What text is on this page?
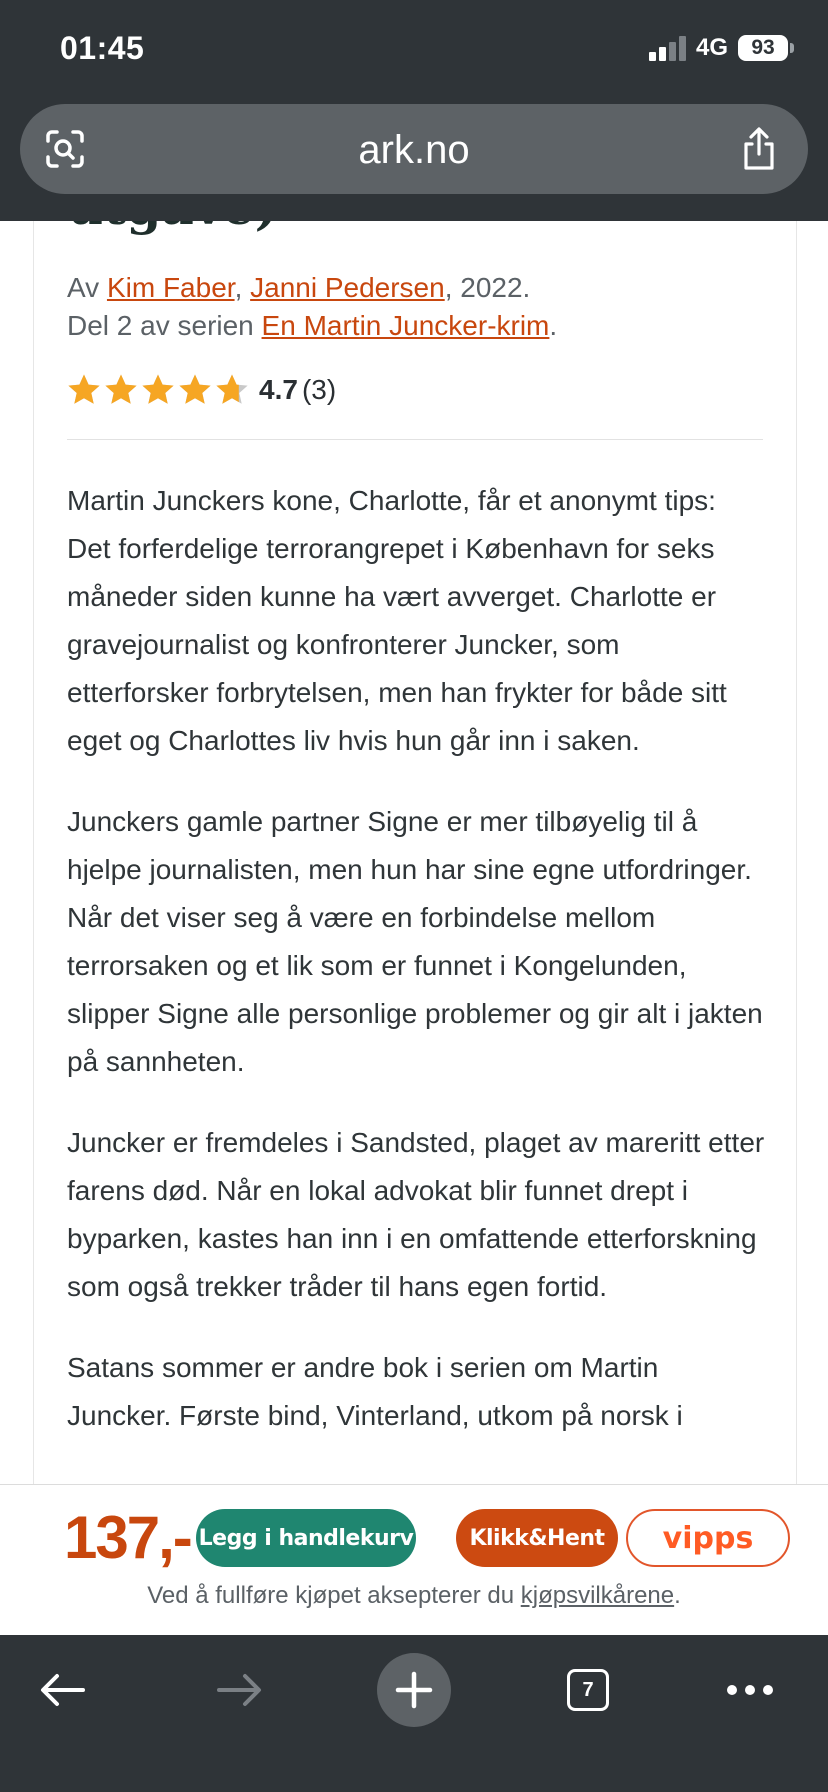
01:45	4G	93
ark.no
Av Kim Faber, Janni Pedersen, 2022.
Del 2 av serien En Martin Juncker-krim.
4.7 (3)

Martin Junckers kone, Charlotte, får et anonymt tips: Det forferdelige terrorangrepet i København for seks måneder siden kunne ha vært avverget. Charlotte er gravejournalist og konfronterer Juncker, som etterforsker forbrytelsen, men han frykter for både sitt eget og Charlottes liv hvis hun går inn i saken.

Junckers gamle partner Signe er mer tilbøyelig til å hjelpe journalisten, men hun har sine egne utfordringer. Når det viser seg å være en forbindelse mellom terrorsaken og et lik som er funnet i Kongelunden, slipper Signe alle personlige problemer og gir alt i jakten på sannheten.

Juncker er fremdeles i Sandsted, plaget av mareritt etter farens død. Når en lokal advokat blir funnet drept i byparken, kastes han inn i en omfattende etterforskning som også trekker tråder til hans egen fortid.

Satans sommer er andre bok i serien om Martin Juncker. Første bind, Vinterland, utkom på norsk i

137,- Legg i handlekurv	Klikk&Hent	vipps
Ved å fullføre kjøpet aksepterer du kjøpsvilkårene.
7
